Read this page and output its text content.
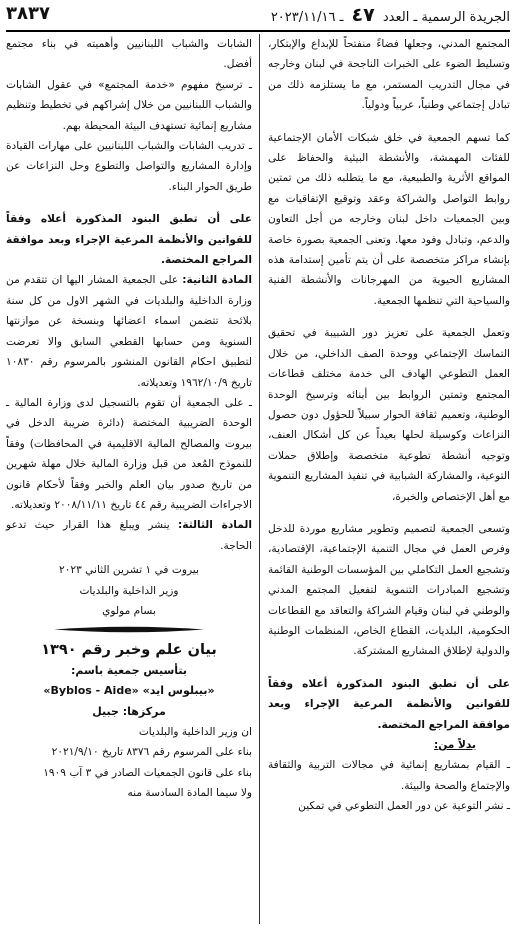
الجريدة الرسمية ـ العدد ٤٧ ـ ٢٠٢٣/١١/١٦
٣٨٣٧

المجتمع المدني، وجعلها فضاءً منفتحاً للإبداع والإبتكار، وتسليط الضوء على الخبرات الناجحة في لبنان وخارجه في مجال التدريب المستمر، مع ما يستلزمه ذلك من تبادل إجتماعي وطنياً، عربياً ودولياً.

كما تسهم الجمعية في خلق شبكات الأمان الإجتماعية للفئات المهمشة، والأنشطة البيئية والحفاظ على المواقع الأثرية والطبيعية، مع ما يتطلبه ذلك من تمتين روابط التواصل والشراكة وعقد وتوقيع الإتفاقيات مع وبين الجمعيات داخل لبنان وخارجه من أجل التعاون والدعم، وتبادل وفود معها. وتعنى الجمعية بصورة خاصة بإنشاء مراكز متخصصة على أن يتم تأمين إستدامة هذه المشاريع الحيوية من المهرجانات والأنشطة الفنية والسياحية التي تنظمها الجمعية.

وتعمل الجمعية على تعزيز دور الشبيبة في تحقيق التماسك الإجتماعي ووحدة الصف الداخلي، من خلال العمل التطوعي الهادف الى خدمة مختلف قطاعات المجتمع وتمتين الروابط بين أبنائه وترسيخ الوحدة الوطنية، وتعميم ثقافة الحوار سبيلاً للحؤول دون حصول النزاعات وكوسيلة لحلها بعيداً عن كل أشكال العنف، وتوجيه أنشطة تطوعية متخصصة وإطلاق حملات التوعية، والمشاركة الشبابية في تنفيذ المشاريع التنموية مع أهل الإختصاص والخبرة،

وتسعى الجمعية لتصميم وتطوير مشاريع موردة للدخل وفرص العمل في مجال التنمية الإجتماعية، الإقتصادية، وتشجيع العمل التكاملي بين المؤسسات الوطنية القائمة وتشجيع المبادرات التنموية لتفعيل المجتمع المدني والوطني في لبنان وقيام الشراكة والتعاقد مع القطاعات الحكومية، البلديات، القطاع الخاص، المنظمات الوطنية والدولية لإطلاق المشاريع المشتركة.

على أن تطبق البنود المذكورة أعلاه وفقاً للقوانين والأنظمة المرعية الإجراء وبعد موافقة المراجع المختصة.

بدلاً من:

ـ القيام بمشاريع إنمائية في مجالات التربية والثقافة والإجتماع والصحة والبيئة.

ـ نشر التوعية عن دور العمل التطوعي في تمكين

الشابات والشباب اللبنانيين وأهميته في بناء مجتمع أفضل.

ـ ترسيخ مفهوم «خدمة المجتمع» في عقول الشابات والشباب اللبنانيين من خلال إشراكهم في تخطيط وتنظيم مشاريع إنمائية تستهدف البيئة المحيطة بهم.

ـ تدريب الشابات والشباب اللبنانيين على مهارات القيادة وإدارة المشاريع والتواصل والتطوع وحل النزاعات عن طريق الحوار البناء.

على أن تطبق البنود المذكورة أعلاه وفقاً للقوانين والأنظمة المرعية الإجراء وبعد موافقة المراجع المختصة.

المادة الثانية: على الجمعية المشار اليها ان تتقدم من وزارة الداخلية والبلديات في الشهر الاول من كل سنة بلائحة تتضمن اسماء اعضائها وبنسخة عن موازنتها السنوية ومن حسابها القطعي السابق والا تعرضت لتطبيق احكام القانون المنشور بالمرسوم رقم ١٠٨٣٠ تاريخ ١٩٦٢/١٠/٩ وتعديلاته.

ـ على الجمعية أن تقوم بالتسجيل لدى وزارة المالية ـ الوحدة الضريبية المختصة (دائرة ضريبة الدخل في بيروت والمصالح المالية الاقليمية في المحافظات) وفقاً للنموذج المُعد من قبل وزارة المالية خلال مهلة شهرين من تاريخ صدور بيان العلم والخبر وفقاً لأحكام قانون الاجراءات الضريبية رقم ٤٤ تاريخ ٢٠٠٨/١١/١١ وتعديلاته.

المادة الثالثة: ينشر ويبلغ هذا القرار حيث تدعو الحاجة.

بيروت في ١ تشرين الثاني ٢٠٢٣

وزير الداخلية والبلديات

بسام مولوي

بيان علم وخبر رقم ١٣٩٠

بتأسيس جمعية باسم:

«بيبلوس ايد» «Byblos - Aide»

مركزها: جبيل

ان وزير الداخلية والبلديات

بناء على المرسوم رقم ٨٣٧٦ تاريخ ٢٠٢١/٩/١٠

بناء على قانون الجمعيات الصادر في ٣ آب ١٩٠٩

ولا سيما المادة السادسة منه
